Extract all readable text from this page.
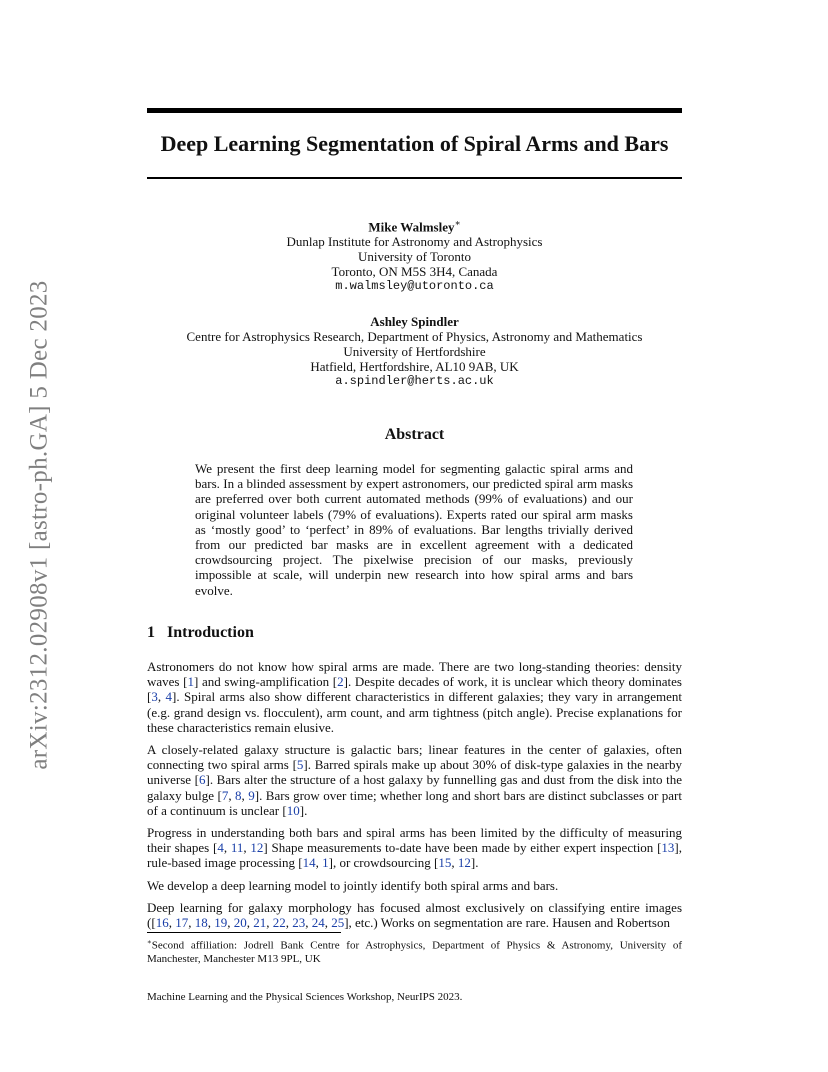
arXiv:2312.02908v1 [astro-ph.GA] 5 Dec 2023
Deep Learning Segmentation of Spiral Arms and Bars
Mike Walmsley∗
Dunlap Institute for Astronomy and Astrophysics
University of Toronto
Toronto, ON M5S 3H4, Canada
m.walmsley@utoronto.ca
Ashley Spindler
Centre for Astrophysics Research, Department of Physics, Astronomy and Mathematics
University of Hertfordshire
Hatfield, Hertfordshire, AL10 9AB, UK
a.spindler@herts.ac.uk
Abstract
We present the first deep learning model for segmenting galactic spiral arms and bars. In a blinded assessment by expert astronomers, our predicted spiral arm masks are preferred over both current automated methods (99% of evaluations) and our original volunteer labels (79% of evaluations). Experts rated our spiral arm masks as ‘mostly good’ to ‘perfect’ in 89% of evaluations. Bar lengths trivially derived from our predicted bar masks are in excellent agreement with a dedicated crowdsourcing project. The pixelwise precision of our masks, previously impossible at scale, will underpin new research into how spiral arms and bars evolve.
1 Introduction

Astronomers do not know how spiral arms are made. There are two long-standing theories: density waves [1] and swing-amplification [2]. Despite decades of work, it is unclear which theory dominates [3, 4]. Spiral arms also show different characteristics in different galaxies; they vary in arrangement (e.g. grand design vs. flocculent), arm count, and arm tightness (pitch angle). Precise explanations for these characteristics remain elusive.

A closely-related galaxy structure is galactic bars; linear features in the center of galaxies, often connecting two spiral arms [5]. Barred spirals make up about 30% of disk-type galaxies in the nearby universe [6]. Bars alter the structure of a host galaxy by funnelling gas and dust from the disk into the galaxy bulge [7, 8, 9]. Bars grow over time; whether long and short bars are distinct subclasses or part of a continuum is unclear [10].

Progress in understanding both bars and spiral arms has been limited by the difficulty of measuring their shapes [4, 11, 12] Shape measurements to-date have been made by either expert inspection [13], rule-based image processing [14, 1], or crowdsourcing [15, 12].

We develop a deep learning model to jointly identify both spiral arms and bars.

Deep learning for galaxy morphology has focused almost exclusively on classifying entire images ([16, 17, 18, 19, 20, 21, 22, 23, 24, 25], etc.) Works on segmentation are rare. Hausen and Robertson

∗Second affiliation: Jodrell Bank Centre for Astrophysics, Department of Physics & Astronomy, University of Manchester, Manchester M13 9PL, UK
Machine Learning and the Physical Sciences Workshop, NeurIPS 2023.
